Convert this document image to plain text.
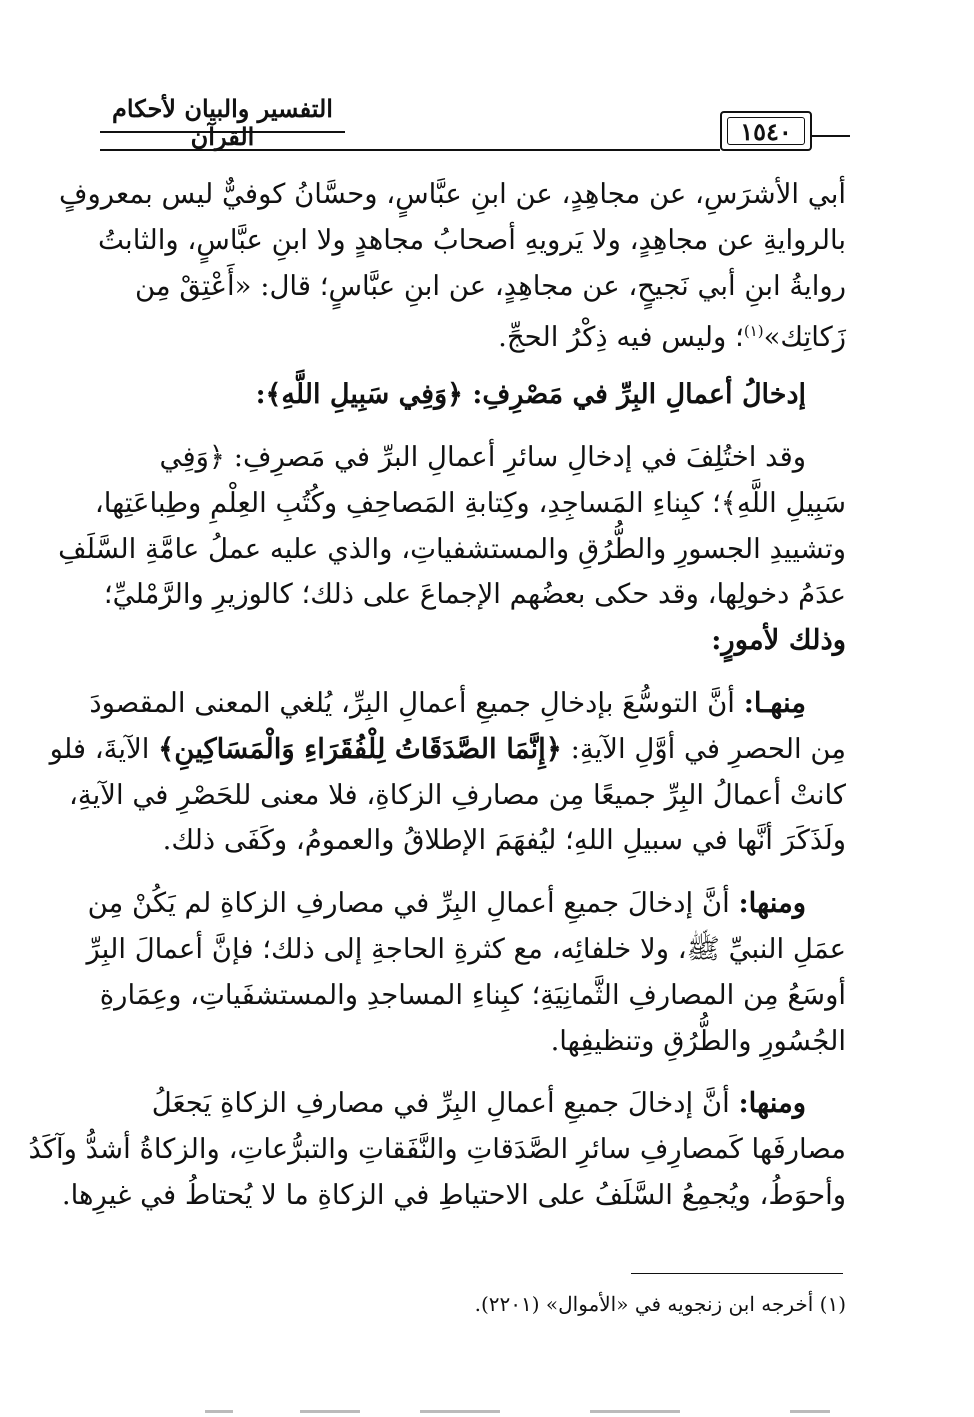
التفسير والبيان لأحكام القرآن	١٥٤٠
أبي الأشرَسِ، عن مجاهِدٍ، عن ابنِ عبَّاسٍ، وحسَّانُ كوفيٌّ ليس بمعروفٍ
بالروايةِ عن مجاهِدٍ، ولا يَرويهِ أصحابُ مجاهدٍ ولا ابنِ عبَّاسٍ، والثابتُ
روايةُ ابنِ أبي نَجيحٍ، عن مجاهِدٍ، عن ابنِ عبَّاسٍ؛ قال: «أَعْتِقْ مِن
زَكاتِك»$^{(١)}$؛ وليس فيه ذِكْرُ الحجِّ.
إدخالُ أعمالِ البِرِّ في مَصْرِفِ: ﴿وَفِي سَبِيلِ اللَّهِ﴾:
وقد اختُلِفَ في إدخالِ سائرِ أعمالِ البرِّ في مَصرِفِ: ﴿وَفِي
سَبِيلِ اللَّهِ﴾؛ كبِناءِ المَساجِدِ، وكِتابةِ المَصاحِفِ وكُتُبِ العِلْمِ وطِباعَتِها،
وتشييدِ الجسورِ والطُّرُقِ والمستشفياتِ، والذي عليه عملُ عامَّةِ السَّلَفِ
عدَمُ دخولِها، وقد حكى بعضُهم الإجماعَ على ذلك؛ كالوزيرِ والرَّمْليِّ؛
وذلك لأمورٍ:
مِنهـا: أنَّ التوسُّعَ بإدخالِ جميعِ أعمالِ البِرِّ، يُلغي المعنى المقصودَ
مِن الحصرِ في أوَّلِ الآيةِ: ﴿إِنَّمَا الصَّدَقَاتُ لِلْفُقَرَاءِ وَالْمَسَاكِينِ﴾ الآيةَ، فلو
كانتْ أعمالُ البِرِّ جميعًا مِن مصارفِ الزكاةِ، فلا معنى للحَصْرِ في الآيةِ،
ولَذَكَرَ أنَّها في سبيلِ اللهِ؛ ليُفهَمَ الإطلاقُ والعمومُ، وكَفَى ذلك.
ومنها: أنَّ إدخالَ جميعِ أعمالِ البِرِّ في مصارفِ الزكاةِ لم يَكُنْ مِن
عمَلِ النبيِّ ﷺ، ولا خلفائِه، مع كثرةِ الحاجةِ إلى ذلك؛ فإنَّ أعمالَ البِرِّ
أوسَعُ مِن المصارفِ الثَّمانِيَةِ؛ كبِناءِ المساجدِ والمستشفَياتِ، وعِمَارةِ
الجُسُورِ والطُّرُقِ وتنظيفِها.
ومنها: أنَّ إدخالَ جميعِ أعمالِ البِرِّ في مصارفِ الزكاةِ يَجعَلُ
مصارفَها كَمصارِفِ سائرِ الصَّدَقاتِ والنَّفَقاتِ والتبرُّعاتِ، والزكاةُ أشدُّ وآكَدُ
وأحوَطُ، ويُجمِعُ السَّلَفُ على الاحتياطِ في الزكاةِ ما لا يُحتاطُ في غيرِها.
(١) أخرجه ابن زنجويه في «الأموال» (٢٢٠١).
